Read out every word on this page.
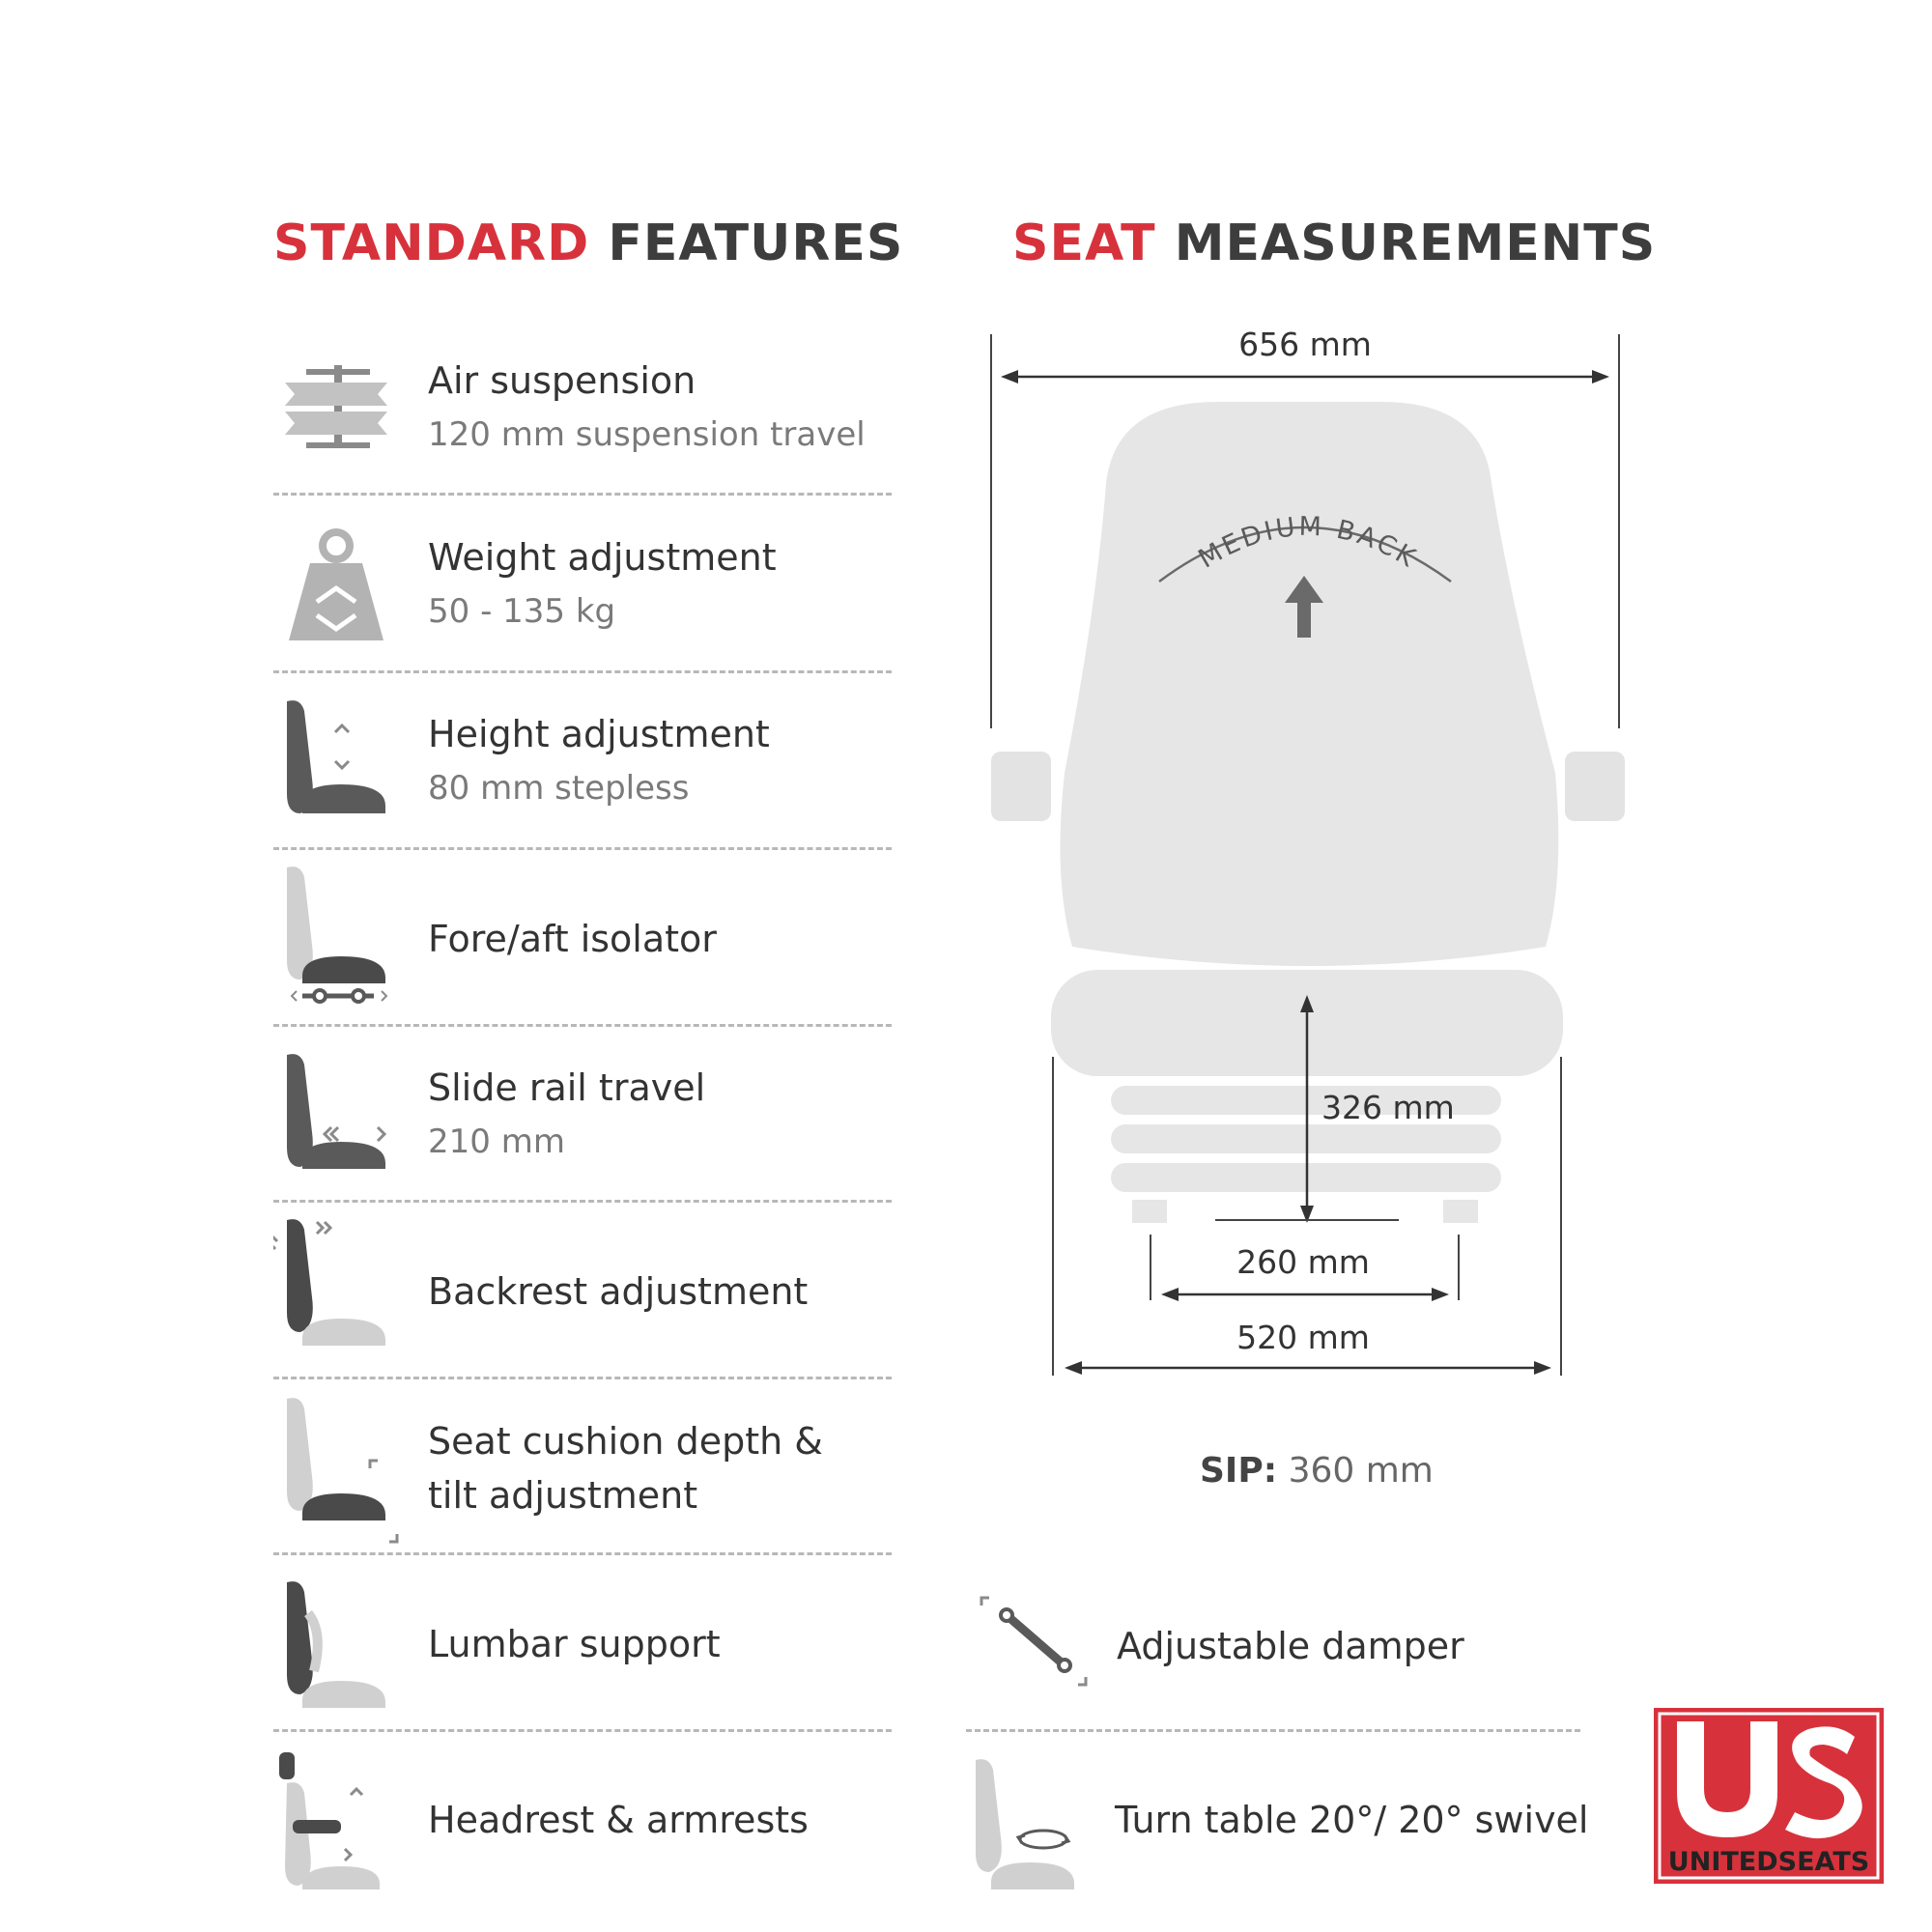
STANDARD FEATURES SEAT MEASUREMENTS
Air suspension
120 mm suspension travel
Weight adjustment
50 - 135 kg
Height adjustment
80 mm stepless
Fore/aft isolator
Slide rail travel
210 mm
Backrest adjustment
Seat cushion depth &
tilt adjustment
Lumbar support
Headrest & armrests
656 mm
MEDIUM BACK
326 mm
260 mm
520 mm
SIP: 360 mm
Adjustable damper
Turn table 20°/ 20° swivel
UNITEDSEATS
